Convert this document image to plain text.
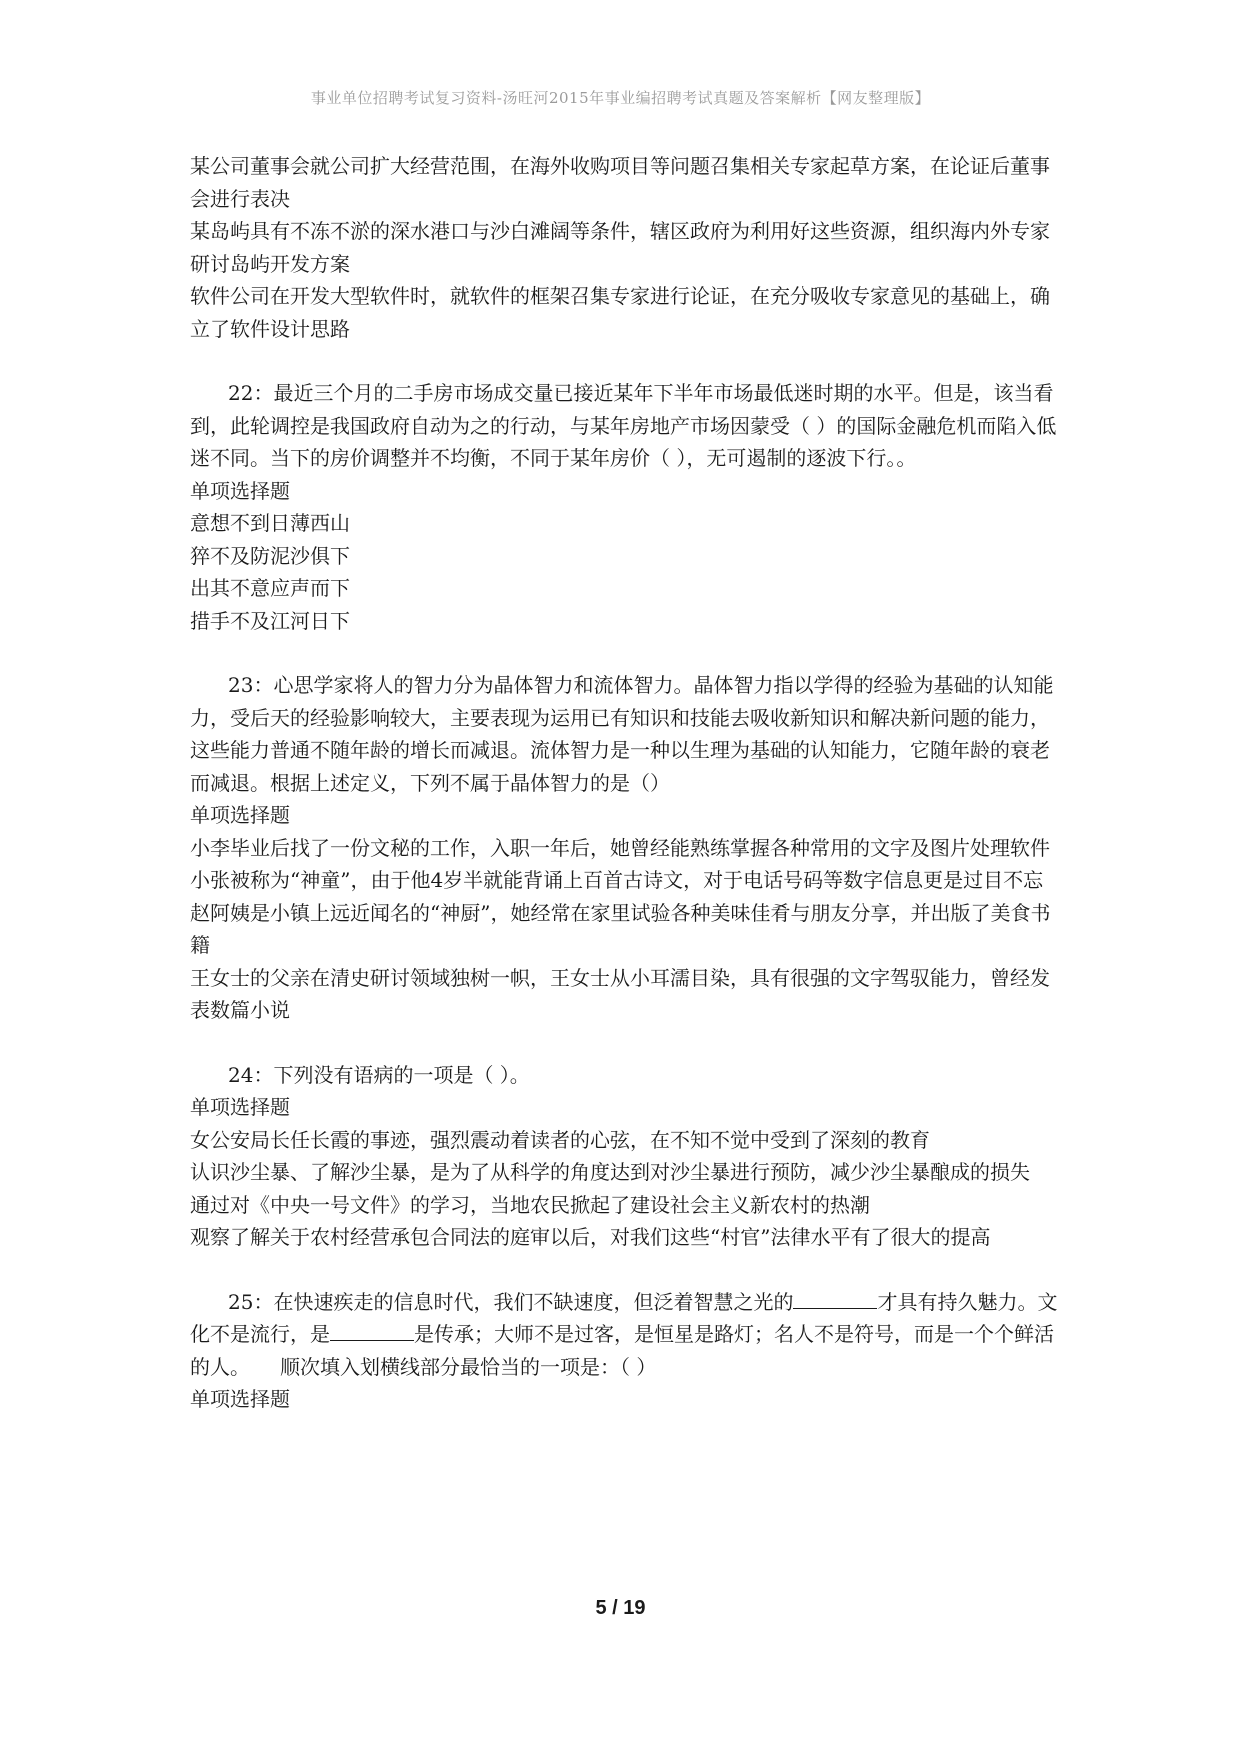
事业单位招聘考试复习资料-汤旺河2015年事业编招聘考试真题及答案解析【网友整理版】

某公司董事会就公司扩大经营范围，在海外收购项目等问题召集相关专家起草方案，在论证后董事会进行表决

某岛屿具有不冻不淤的深水港口与沙白滩阔等条件，辖区政府为利用好这些资源，组织海内外专家研讨岛屿开发方案

软件公司在开发大型软件时，就软件的框架召集专家进行论证，在充分吸收专家意见的基础上，确立了软件设计思路

22：最近三个月的二手房市场成交量已接近某年下半年市场最低迷时期的水平。但是，该当看到，此轮调控是我国政府自动为之的行动，与某年房地产市场因蒙受（ ）的国际金融危机而陷入低迷不同。当下的房价调整并不均衡，不同于某年房价（ ），无可遏制的逐波下行。。

单项选择题

意想不到日薄西山

猝不及防泥沙俱下

出其不意应声而下

措手不及江河日下

23：心思学家将人的智力分为晶体智力和流体智力。晶体智力指以学得的经验为基础的认知能力，受后天的经验影响较大，主要表现为运用已有知识和技能去吸收新知识和解决新问题的能力，这些能力普通不随年龄的增长而减退。流体智力是一种以生理为基础的认知能力，它随年龄的衰老而减退。根据上述定义，下列不属于晶体智力的是（）

单项选择题

小李毕业后找了一份文秘的工作，入职一年后，她曾经能熟练掌握各种常用的文字及图片处理软件

小张被称为“神童”，由于他4岁半就能背诵上百首古诗文，对于电话号码等数字信息更是过目不忘

赵阿姨是小镇上远近闻名的“神厨”，她经常在家里试验各种美味佳肴与朋友分享，并出版了美食书籍

王女士的父亲在清史研讨领域独树一帜，王女士从小耳濡目染，具有很强的文字驾驭能力，曾经发表数篇小说

24：下列没有语病的一项是（ ）。

单项选择题

女公安局长任长霞的事迹，强烈震动着读者的心弦，在不知不觉中受到了深刻的教育

认识沙尘暴、了解沙尘暴，是为了从科学的角度达到对沙尘暴进行预防，减少沙尘暴酿成的损失

通过对《中央一号文件》的学习，当地农民掀起了建设社会主义新农村的热潮

观察了解关于农村经营承包合同法的庭审以后，对我们这些“村官”法律水平有了很大的提高

25：在快速疾走的信息时代，我们不缺速度，但泛着智慧之光的	才具有持久魅力。文化不是流行，是	是传承；大师不是过客，是恒星是路灯；名人不是符号，而是一个个鲜活的人。　　顺次填入划横线部分最恰当的一项是：（ ）

单项选择题

5 / 19
